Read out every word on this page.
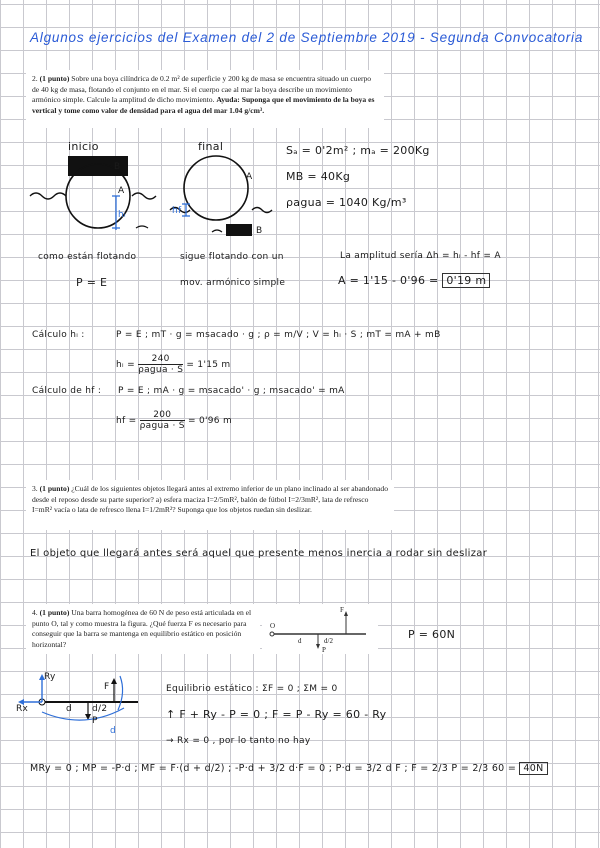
Algunos ejercicios del Examen del 2 de Septiembre 2019 - Segunda Convocatoria
2. (1 punto) Sobre una boya cilíndrica de 0.2 m² de superficie y 200 kg de masa se encuentra situado un cuerpo de 40 kg de masa, flotando el conjunto en el mar. Si el cuerpo cae al mar la boya describe un movimiento armónico simple. Calcule la amplitud de dicho movimiento. Ayuda: Suponga que el movimiento de la boya es vertical y tome como valor de densidad para el agua del mar 1.04 g/cm³.
inicio	final
B
A
hᵢ
A
hf
B
Sₐ = 0'2m² ; mₐ = 200Kg
MB = 40Kg
ρagua = 1040 Kg/m³
como están flotando
P = E
sigue flotando con un
mov. armónico simple
La amplitud sería Δh = hᵢ - hf = A
A = 1'15 - 0'96 = 0'19 m
Cálculo hᵢ :	P = E ; mT · g = msacado · g ; ρ = m/V ; V = hᵢ · S ; mT = mA + mB
hᵢ = $\frac{240}{\text{ρagua · S}} = 1'15$ m
Cálculo de hf : P = E ; mA · g = msacado' · g ; msacado' = mA
hf = $\frac{200}{\text{ρagua · S}} = 0'96$ m
3. (1 punto) ¿Cuál de los siguientes objetos llegará antes al extremo inferior de un plano inclinado al ser abandonado desde el reposo desde su parte superior? a) esfera maciza I=2/5mR², balón de fútbol I=2/3mR², lata de refresco I=mR² vacía o lata de refresco llena I=1/2mR²? Suponga que los objetos ruedan sin deslizar.
El objeto que llegará antes será aquel que presente menos inercia a rodar sin deslizar
4. (1 punto) Una barra homogénea de 60 N de peso está articulada en el punto O, tal y como muestra la figura. ¿Qué fuerza F es necesario para conseguir que la barra se mantenga en equilibrio estático en posición horizontal?
F
O
d	d/2
P
P = 60N
Ry
Rx
F
d d/2
P
d
Equilibrio estático : ΣF = 0 ; ΣM = 0
↑ F + Ry - P = 0 ; F = P - Ry = 60 - Ry
→ Rx = 0 , por lo tanto no hay
MRy = 0 ; MP = -P·d ; MF = F·(d + d/2) ; -P·d + 3/2 d·F = 0 ; P·d = 3/2 d F ; F = 2/3 P = 2/3 60 = 40N
